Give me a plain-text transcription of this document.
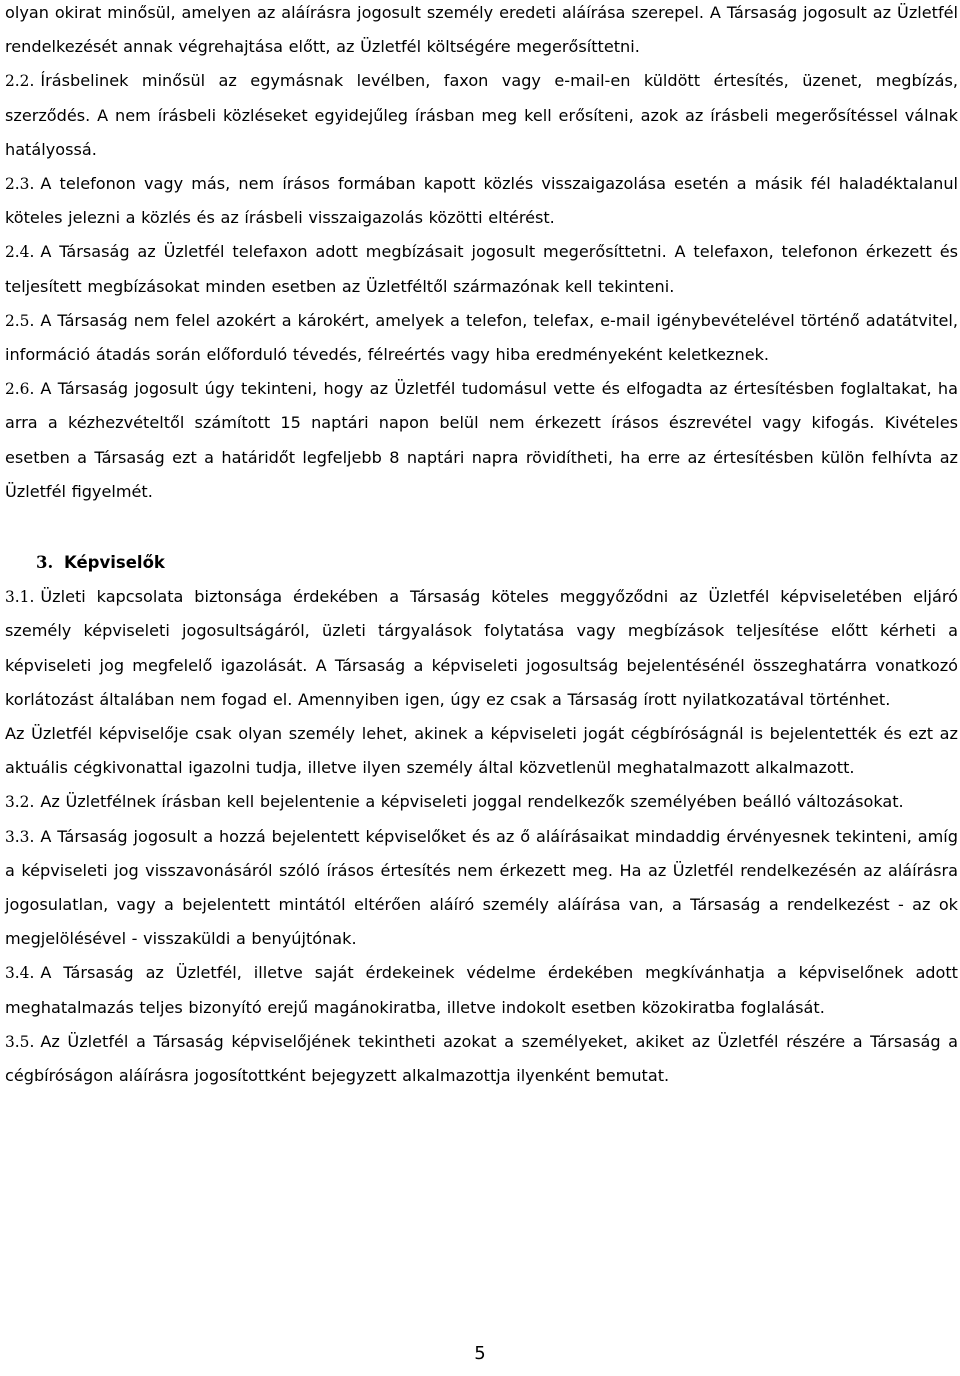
olyan okirat minősül, amelyen az aláírásra jogosult személy eredeti aláírása szerepel. A Társaság jogosult az Üzletfél rendelkezését annak végrehajtása előtt, az Üzletfél költségére megerősíttetni.

2.2. Írásbelinek minősül az egymásnak levélben, faxon vagy e-mail-en küldött értesítés, üzenet, megbízás, szerződés. A nem írásbeli közléseket egyidejűleg írásban meg kell erősíteni, azok az írásbeli megerősítéssel válnak hatályossá.

2.3. A telefonon vagy más, nem írásos formában kapott közlés visszaigazolása esetén a másik fél haladéktalanul köteles jelezni a közlés és az írásbeli visszaigazolás közötti eltérést.

2.4. A Társaság az Üzletfél telefaxon adott megbízásait jogosult megerősíttetni. A telefaxon, telefonon érkezett és teljesített megbízásokat minden esetben az Üzletféltől származónak kell tekinteni.

2.5. A Társaság nem felel azokért a károkért, amelyek a telefon, telefax, e-mail igénybevételével történő adatátvitel, információ átadás során előforduló tévedés, félreértés vagy hiba eredményeként keletkeznek.

2.6. A Társaság jogosult úgy tekinteni, hogy az Üzletfél tudomásul vette és elfogadta az értesítésben foglaltakat, ha arra a kézhezvételtől számított 15 naptári napon belül nem érkezett írásos észrevétel vagy kifogás. Kivételes esetben a Társaság ezt a határidőt legfeljebb 8 naptári napra rövidítheti, ha erre az értesítésben külön felhívta az Üzletfél figyelmét.

3. Képviselők

3.1. Üzleti kapcsolata biztonsága érdekében a Társaság köteles meggyőződni az Üzletfél képviseletében eljáró személy képviseleti jogosultságáról, üzleti tárgyalások folytatása vagy megbízások teljesítése előtt kérheti a képviseleti jog megfelelő igazolását. A Társaság a képviseleti jogosultság bejelentésénél összeghatárra vonatkozó korlátozást általában nem fogad el. Amennyiben igen, úgy ez csak a Társaság írott nyilatkozatával történhet.

Az Üzletfél képviselője csak olyan személy lehet, akinek a képviseleti jogát cégbíróságnál is bejelentették és ezt az aktuális cégkivonattal igazolni tudja, illetve ilyen személy által közvetlenül meghatalmazott alkalmazott.

3.2. Az Üzletfélnek írásban kell bejelentenie a képviseleti joggal rendelkezők személyében beálló változásokat.

3.3. A Társaság jogosult a hozzá bejelentett képviselőket és az ő aláírásaikat mindaddig érvényesnek tekinteni, amíg a képviseleti jog visszavonásáról szóló írásos értesítés nem érkezett meg. Ha az Üzletfél rendelkezésén az aláírásra jogosulatlan, vagy a bejelentett mintától eltérően aláíró személy aláírása van, a Társaság a rendelkezést - az ok megjelölésével - visszaküldi a benyújtónak.

3.4. A Társaság az Üzletfél, illetve saját érdekeinek védelme érdekében megkívánhatja a képviselőnek adott meghatalmazás teljes bizonyító erejű magánokiratba, illetve indokolt esetben közokiratba foglalását.

3.5. Az Üzletfél a Társaság képviselőjének tekintheti azokat a személyeket, akiket az Üzletfél részére a Társaság a cégbíróságon aláírásra jogosítottként bejegyzett alkalmazottja ilyenként bemutat.

5
